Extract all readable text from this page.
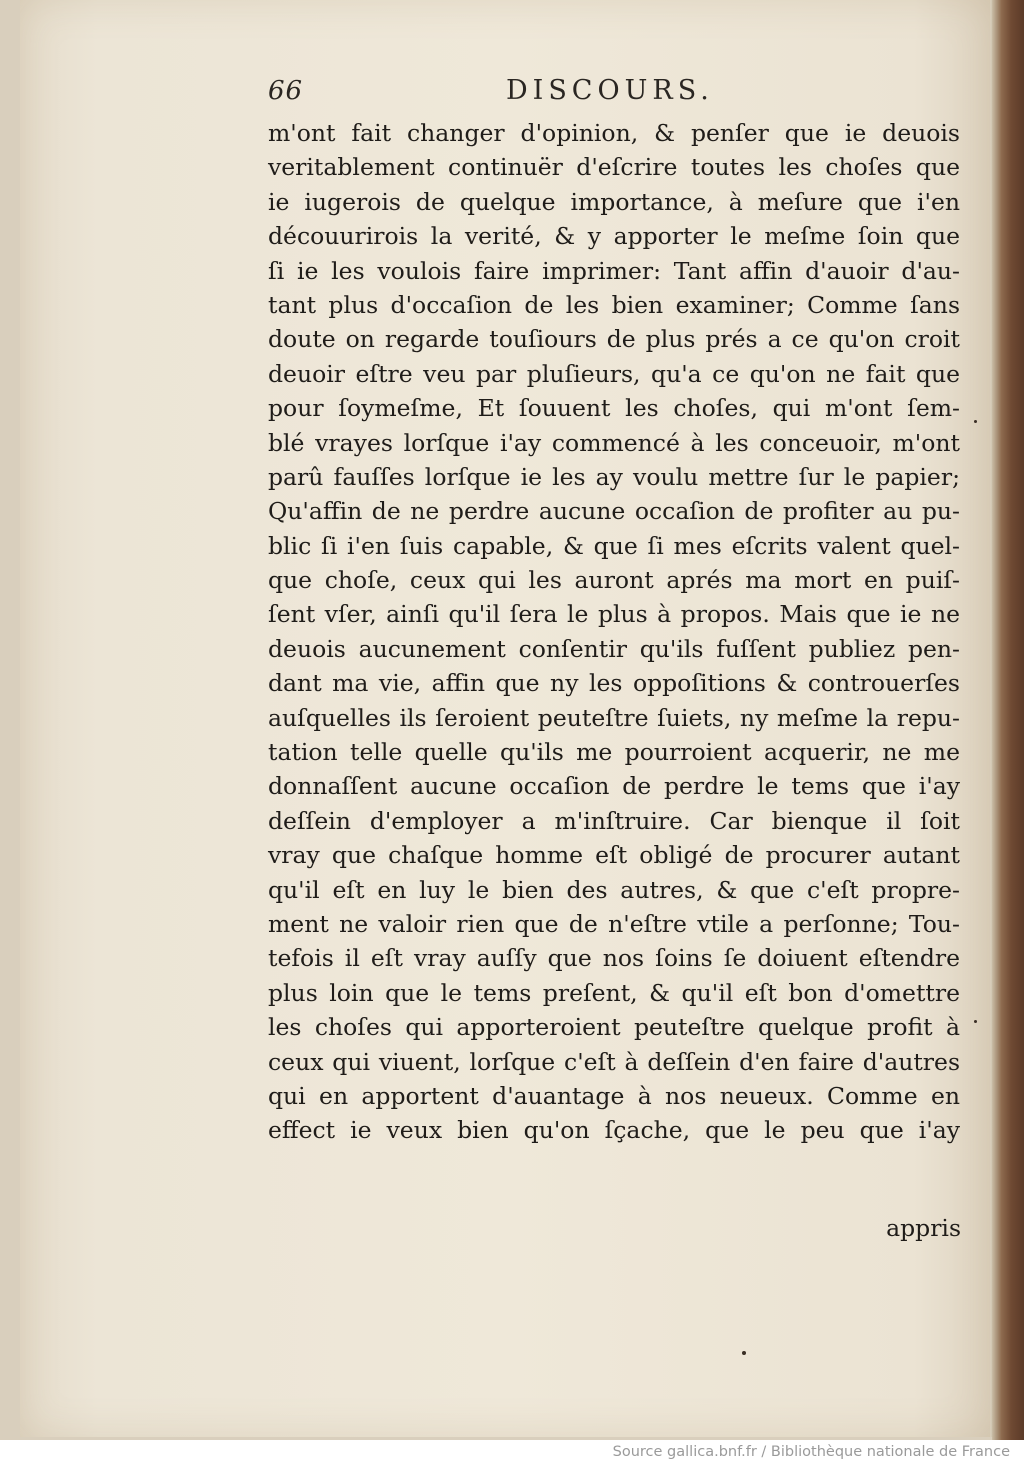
66	DISCOURS.
m'ont fait changer d'opinion, & penſer que ie deuois
veritablement continuër d'eſcrire toutes les choſes que
ie iugerois de quelque importance, à meſure que i'en
découurirois la verité, & y apporter le meſme ſoin que
ſi ie les voulois faire imprimer: Tant affin d'auoir d'au-
tant plus d'occaſion de les bien examiner; Comme ſans
doute on regarde touſiours de plus prés a ce qu'on croit
deuoir eſtre veu par pluſieurs, qu'a ce qu'on ne fait que
pour ſoymeſme, Et ſouuent les choſes, qui m'ont ſem-
blé vrayes lorſque i'ay commencé à les conceuoir, m'ont
parû fauſſes lorſque ie les ay voulu mettre ſur le papier;
Qu'affin de ne perdre aucune occaſion de profiter au pu-
blic ſi i'en ſuis capable, & que ſi mes eſcrits valent quel-
que choſe, ceux qui les auront aprés ma mort en puiſ-
ſent vſer, ainſi qu'il ſera le plus à propos. Mais que ie ne
deuois aucunement conſentir qu'ils fuſſent publiez pen-
dant ma vie, affin que ny les oppoſitions & controuerſes
auſquelles ils ſeroient peuteſtre ſuiets, ny meſme la repu-
tation telle quelle qu'ils me pourroient acquerir, ne me
donnaſſent aucune occaſion de perdre le tems que i'ay
deſſein d'employer a m'inſtruire. Car bienque il ſoit
vray que chaſque homme eſt obligé de procurer autant
qu'il eſt en luy le bien des autres, & que c'eſt propre-
ment ne valoir rien que de n'eſtre vtile a perſonne; Tou-
tefois il eſt vray auſſy que nos ſoins ſe doiuent eſtendre
plus loin que le tems preſent, & qu'il eſt bon d'omettre
les choſes qui apporteroient peuteſtre quelque profit à
ceux qui viuent, lorſque c'eſt à deſſein d'en faire d'autres
qui en apportent d'auantage à nos neueux. Comme en
effect ie veux bien qu'on ſçache, que le peu que i'ay
appris
Source gallica.bnf.fr / Bibliothèque nationale de France
